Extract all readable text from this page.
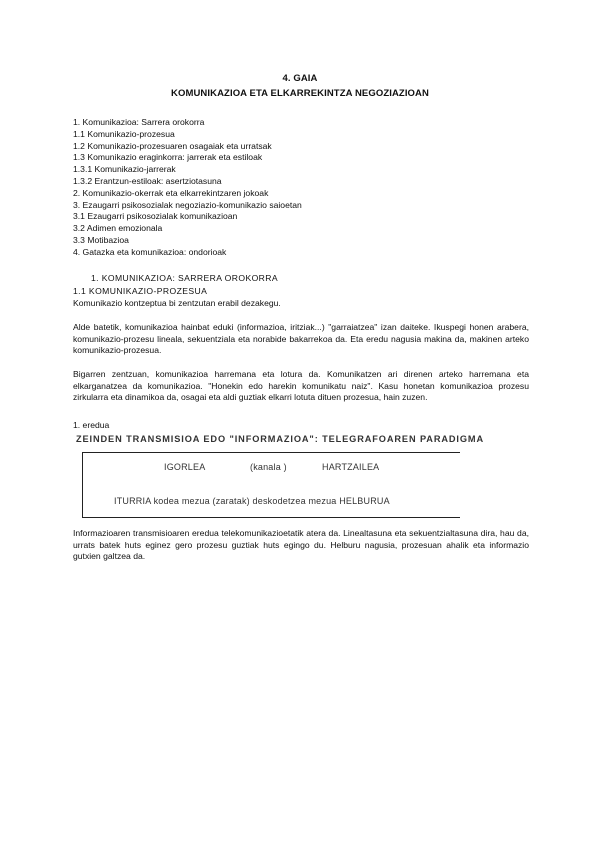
4. GAIA
KOMUNIKAZIOA ETA ELKARREKINTZA NEGOZIAZIOAN
1. Komunikazioa: Sarrera orokorra
1.1 Komunikazio-prozesua
1.2 Komunikazio-prozesuaren osagaiak eta urratsak
1.3 Komunikazio eraginkorra: jarrerak eta estiloak
1.3.1 Komunikazio-jarrerak
1.3.2 Erantzun-estiloak: asertziotasuna
2. Komunikazio-okerrak eta elkarrekintzaren jokoak
3. Ezaugarri psikosozialak negoziazio-komunikazio saioetan
3.1 Ezaugarri psikosozialak komunikazioan
3.2 Adimen emozionala
3.3 Motibazioa
4. Gatazka eta komunikazioa: ondorioak
1. KOMUNIKAZIOA: SARRERA OROKORRA
1.1 KOMUNIKAZIO-PROZESUA
Komunikazio kontzeptua bi zentzutan erabil dezakegu.

Alde batetik, komunikazioa hainbat eduki (informazioa, iritziak...) "garraiatzea" izan daiteke. Ikuspegi honen arabera, komunikazio-prozesu lineala, sekuentziala eta norabide bakarrekoa da. Eta eredu nagusia makina da, makinen arteko komunikazio-prozesua.

Bigarren zentzuan, komunikazioa harremana eta lotura da. Komunikatzen ari direnen arteko harremana eta elkarganatzea da komunikazioa. "Honekin edo harekin komunikatu naiz". Kasu honetan komunikazioa prozesu zirkularra eta dinamikoa da, osagai eta aldi guztiak elkarri lotuta dituen prozesua, hain zuzen.

1. eredua
ZEINDEN TRANSMISIOA EDO "INFORMAZIOA": TELEGRAFOAREN PARADIGMA
IGORLEA	(kanala )	HARTZAILEA
ITURRIA kodea mezua (zaratak) deskodetzea mezua HELBURUA

Informazioaren transmisioaren eredua telekomunikazioetatik atera da. Linealtasuna eta sekuentzialtasuna dira, hau da, urrats batek huts eginez gero prozesu guztiak huts egingo du. Helburu nagusia, prozesuan ahalik eta informazio gutxien galtzea da.
